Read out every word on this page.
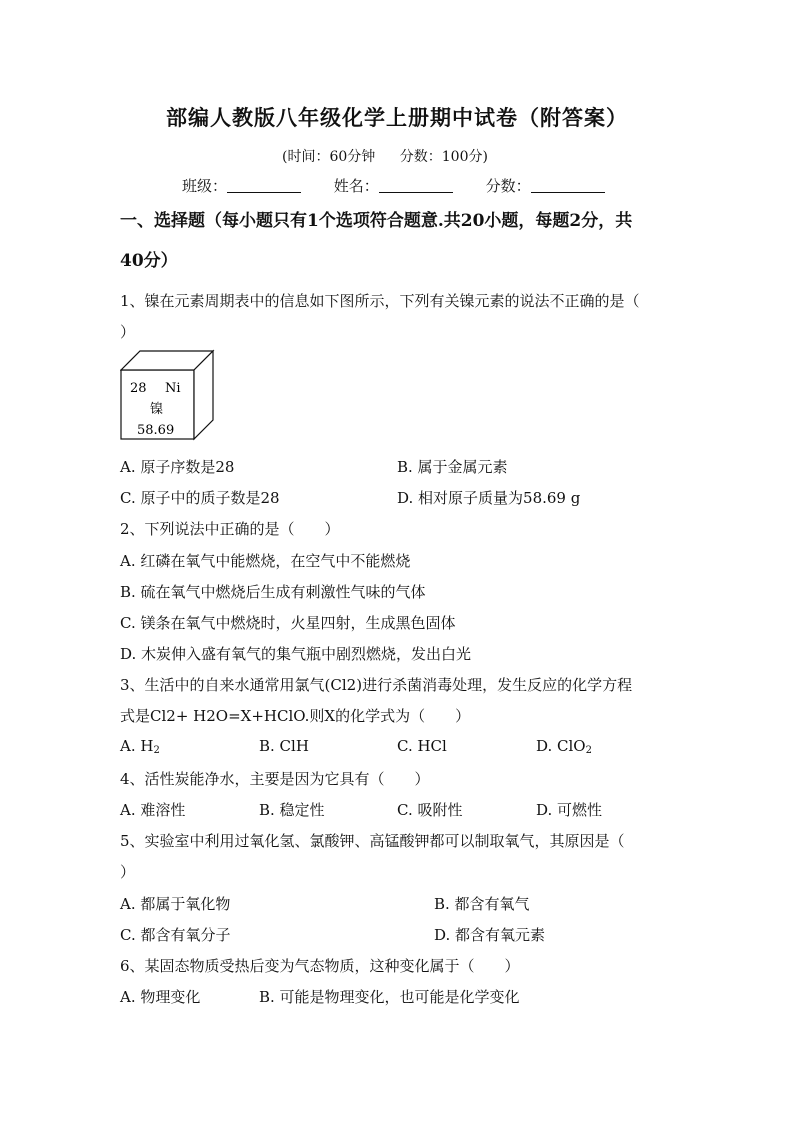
部编人教版八年级化学上册期中试卷（附答案）
(时间：60分钟 分数：100分)
班级：	姓名：	分数：
一、选择题（每小题只有1个选项符合题意.共20小题，每题2分，共
40分）
1、镍在元素周期表中的信息如下图所示，下列有关镍元素的说法不正确的是（
）
28 Ni
镍
58.69
A. 原子序数是28	B. 属于金属元素
C. 原子中的质子数是28	D. 相对原子质量为58.69 g
2、下列说法中正确的是（　　）
A. 红磷在氧气中能燃烧，在空气中不能燃烧
B. 硫在氧气中燃烧后生成有刺激性气味的气体
C. 镁条在氧气中燃烧时，火星四射，生成黑色固体
D. 木炭伸入盛有氧气的集气瓶中剧烈燃烧，发出白光
3、生活中的自来水通常用氯气(Cl2)进行杀菌消毒处理，发生反应的化学方程
式是Cl2+ H2O=X+HClO.则X的化学式为（　　）
A. $H_2$	B. ClH	C. HCl	D. ClO$_2$
4、活性炭能净水，主要是因为它具有（　　）
A. 难溶性	B. 稳定性	C. 吸附性	D. 可燃性
5、实验室中利用过氧化氢、氯酸钾、高锰酸钾都可以制取氧气，其原因是（
）
A. 都属于氧化物	B. 都含有氧气
C. 都含有氧分子	D. 都含有氧元素
6、某固态物质受热后变为气态物质，这种变化属于（　　）
A. 物理变化	B. 可能是物理变化，也可能是化学变化
